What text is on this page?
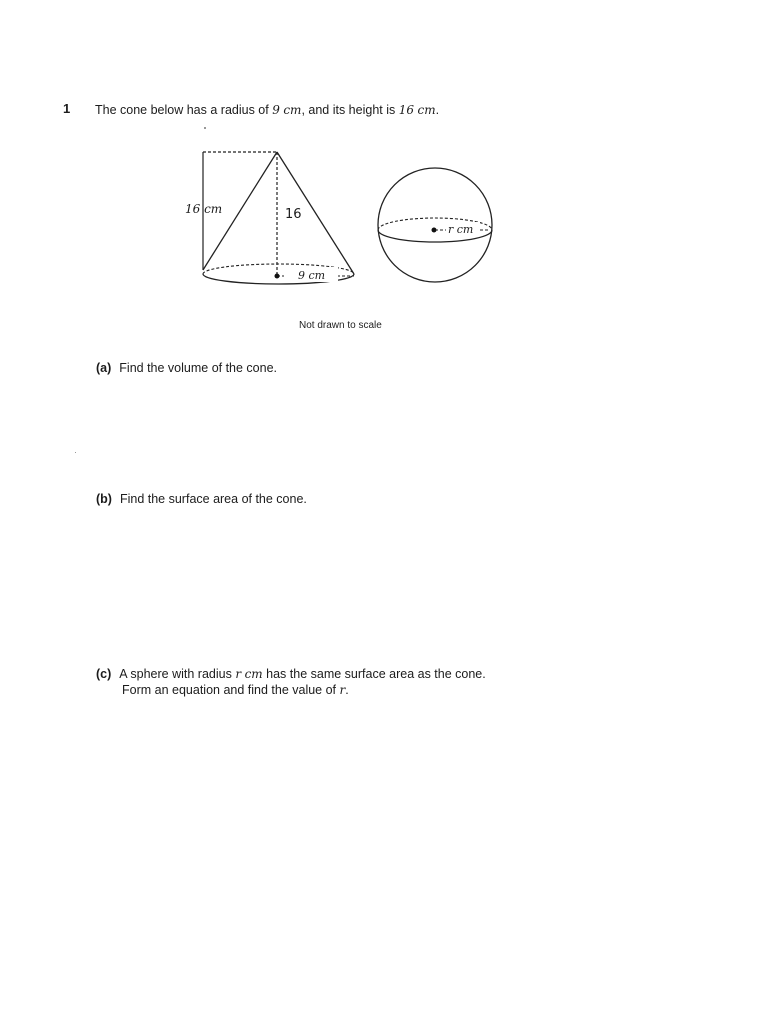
1 The cone below has a radius of 9 cm, and its height is 16 cm.
16 cm	16
9 cm
r cm
Not drawn to scale
(a) Find the volume of the cone.
(b) Find the surface area of the cone.
(c) A sphere with radius r cm has the same surface area as the cone.
Form an equation and find the value of r.
